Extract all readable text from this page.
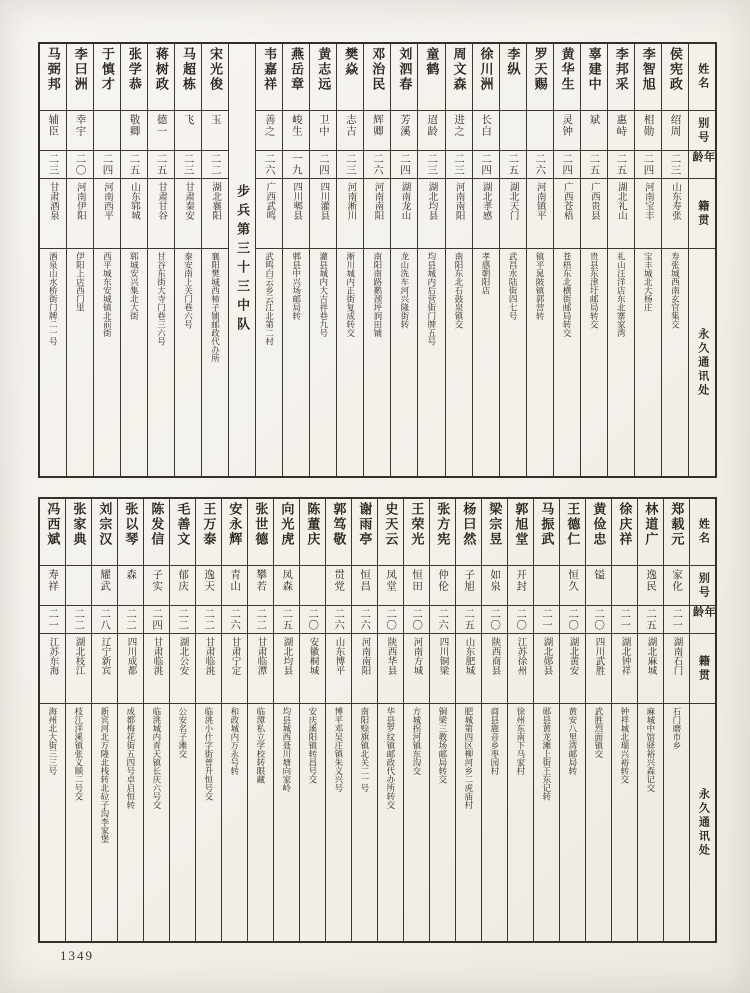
姓名
别号
年龄
籍贯
永久通讯处
侯宪政
绍周
二三
山东寿张
寿张城西南玄官集交
李智旭
相勋
二四
河南宝丰
宝丰城北大杨庄
李邦采
惠峙
二五
湖北礼山
礼山汪洋店东北寨家湾
辜建中
斌
二五
广西贵县
贵县东津圩邮局转交
黄华生
灵钟
二四
广西苍梧
苍梧东北横街邮局转交
罗天赐
二六
河南镇平
镇平晁陂镇郭营转
李纵
二五
湖北天门
武昌水陆街四七号
徐川洲
长白
二四
湖北孝感
孝感朝阳店
周文森
进之
二三
河南南阳
南阳东北石鼓泉镇交
童鹤
迢龄
二三
湖北均县
均县城内后营街门牌五号
刘泗春
芳溪
二四
湖南龙山
龙山洗车河兴隆街转
邓治民
辉卿
二六
河南南阳
南阳南路鹅颈坪润田铺
樊焱
志吉
二三
河南淅川
淅川城内正街复成转交
黄志远
卫中
二四
四川灌县
灌县城内大吉祥巷九号
燕岳章
峻生
一九
四川郫县
郫县中兴场邮局转
韦嘉祥
善之
二六
广西武鸣
武鸣白云乡云江北第二村
步兵第三十三中队
宋光俊
玉
二二
湖北襄阳
襄阳樊城西柿子铺邮政代办所
马超栋
飞
二三
甘肃秦安
秦安南上关门巷六号
蒋树政
德一
二五
甘肃甘谷
甘谷东街大寺门巷三六号
张学恭
敬卿
二五
山东郓城
郓城安兴集北大街
于慎才
二四
河南西平
西平城东安城镇北前街
李曰洲
幸宇
二〇
河南伊阳
伊阳上店西门里
马弼邦
辅臣
二三
甘肃酒泉
酒泉山水桥街门牌二一号
姓名
别号
年龄
籍贯
永久通讯处
郑载元
家化
二一
湖南石门
石门磨市乡
林道广
逸民
二五
湖北麻城
麻城中馆驿裕兴森记交
徐庆祥
二一
湖北钟祥
钟祥城北瑞兴裕转交
黄俭忠
镒
二〇
四川武胜
武胜烈面镇交
王德仁
恒久
二〇
湖北黄安
黄安八里湾邮局转
马振武
二一
湖北郧县
郧县黄龙滩上街王东记转
郭旭堂
开封
二〇
江苏徐州
徐州东南下马家村
梁宗昱
如泉
二〇
陕西商县
商县鹿音乡枣园村
杨曰然
子旭
二五
山东肥城
肥城第四区柳河乡二虎庙村
张方宪
仲伦
二六
四川铜梁
铜梁三教场邮局转交
王荣光
恒田
二〇
河南方城
方城拐河镇东沟交
史天云
凤堂
二〇
陕西华县
华县罗纹镇邮政代办所转交
谢雨亭
恒昌
二六
河南南阳
南阳赊旗镇北关二一号
郭笃敬
贯党
二六
山东博平
博平邓吴庄镇朱义兴号
陈董庆
二〇
安徽桐城
安庆溪阳镇转昌号交
向光虎
凤森
二五
湖北均县
均县城西聂川塘向家岭
张世德
攀若
二二
甘肃临潭
临潭私立学校转眼藏
安永辉
青山
二六
甘肃宁定
和政城内万永号转
王万泰
逸天
二二
甘肃临洮
临洮小什字街普升恒号交
毛善文
郁庆
二二
湖北公安
公安名子滩交
陈发信
子实
二四
甘肃临洮
临洮城内青天镇长庆六号交
张以琴
森
二二
四川成都
成都梅花街五四号卓启恒转
刘宗汉
耀武
二八
辽宁新宾
新宾河北万隆北栈转北砬子沟李家堡
张家典
二二
湖北枝江
枝江洋溪镇张义顺二号交
冯西斌
寿祥
二一
江苏东海
海州北大街三三号
1349
